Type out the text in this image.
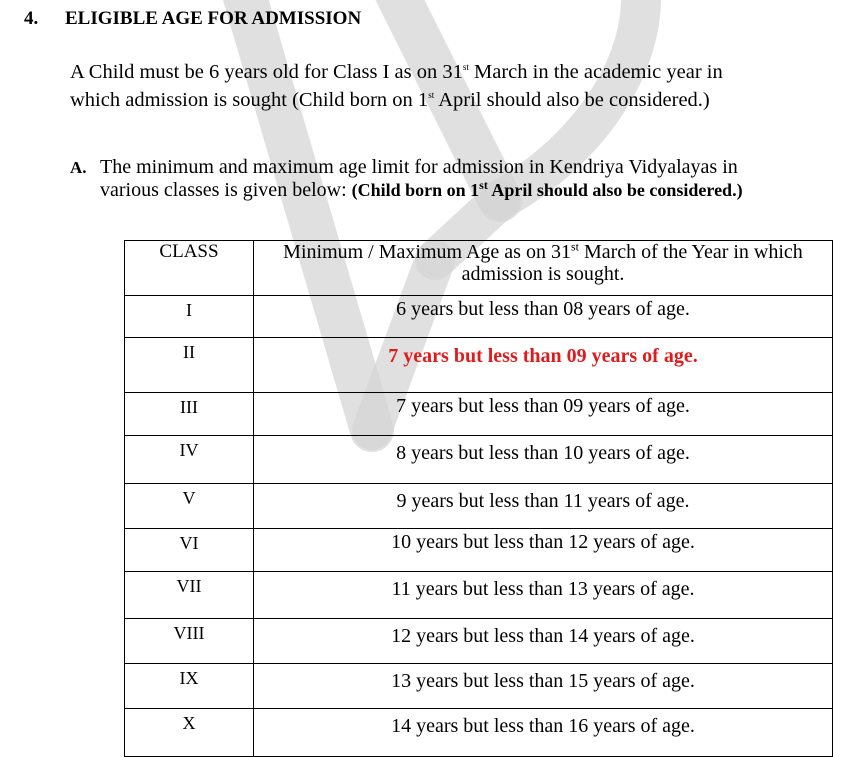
4. ELIGIBLE AGE FOR ADMISSION
A Child must be 6 years old for Class I as on 31st March in the academic year in which admission is sought (Child born on 1st April should also be considered.)
A. The minimum and maximum age limit for admission in Kendriya Vidyalayas in various classes is given below: (Child born on 1st April should also be considered.)
CLASS	Minimum / Maximum Age as on 31st March of the Year in which admission is sought.
I	6 years but less than 08 years of age.
II	7 years but less than 09 years of age.

III	7 years but less than 09 years of age.
IV	8 years but less than 10 years of age.
V	9 years but less than 11 years of age.
VI	10 years but less than 12 years of age.
VII	11 years but less than 13 years of age.
VIII	12 years but less than 14 years of age.
IX	13 years but less than 15 years of age.
X	14 years but less than 16 years of age.
